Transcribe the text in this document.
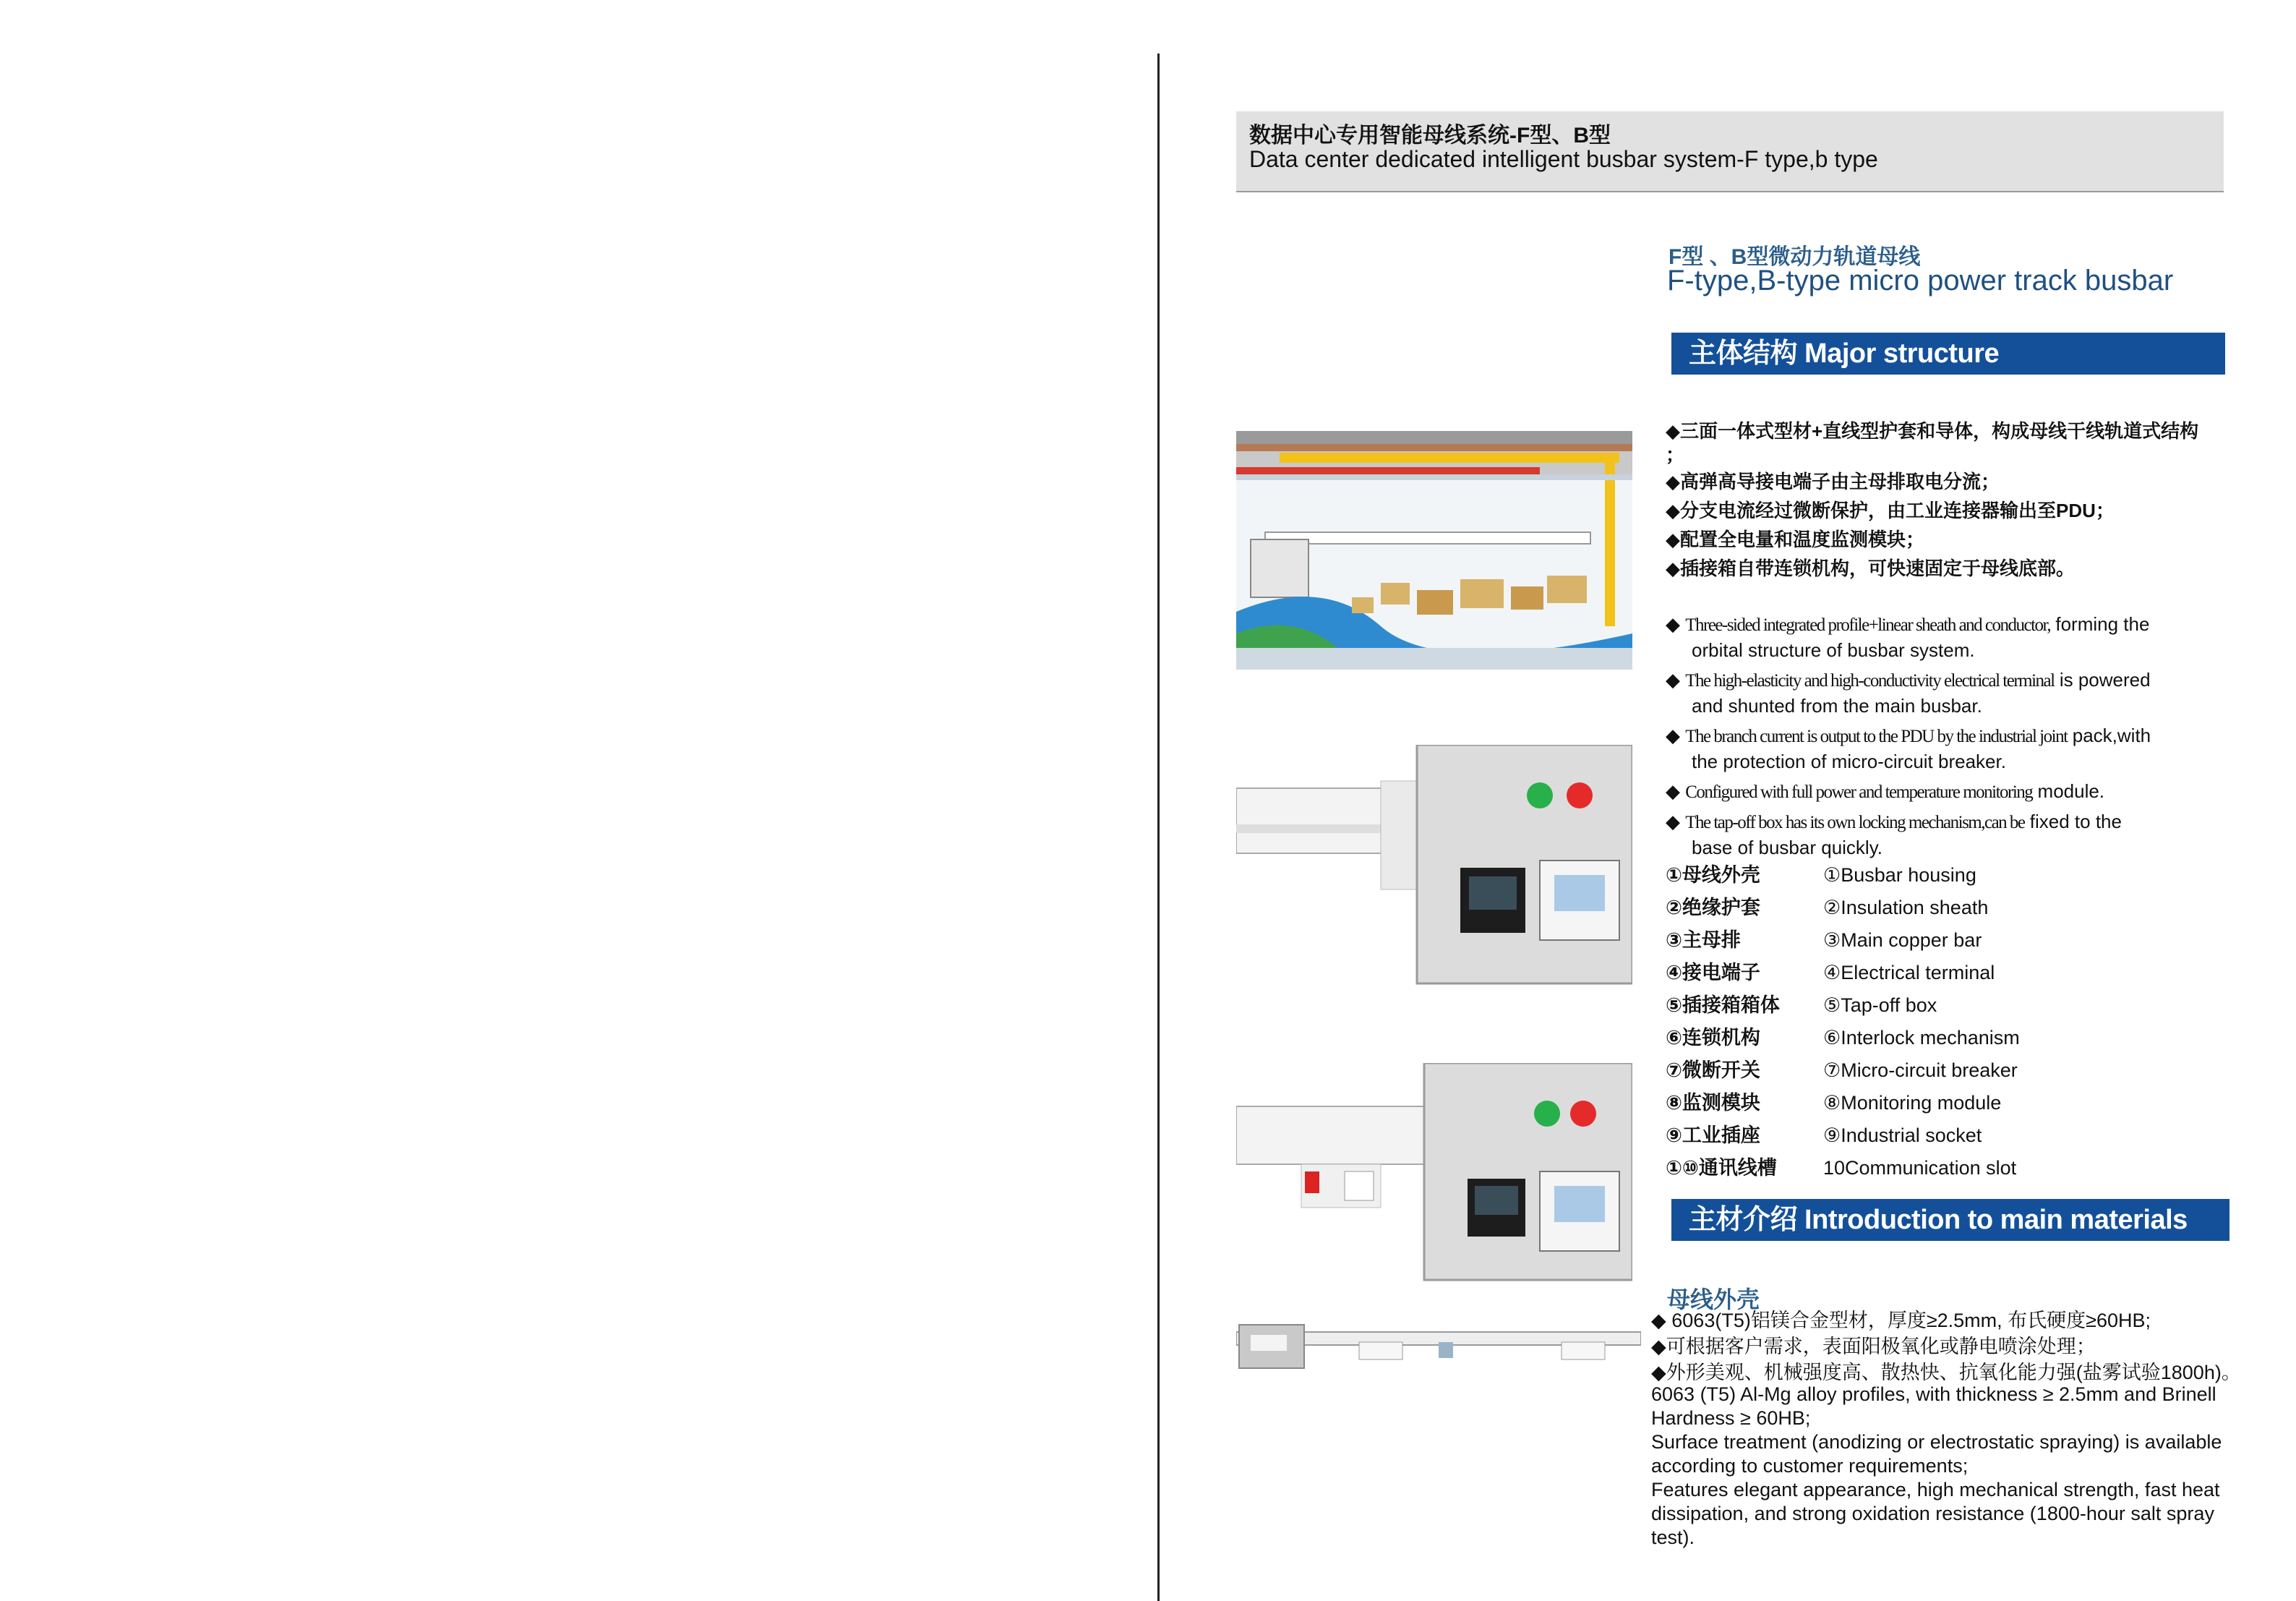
数据中心专用智能母线系统-F型、B型
Data center dedicated intelligent busbar system-F type,b type
F型 、B型微动力轨道母线
F-type,B-type micro power track busbar
主体结构 Major structure
◆三面一体式型材+直线型护套和导体，构成母线干线轨道式结构
；
◆高弹高导接电端子由主母排取电分流；
◆分支电流经过微断保护，由工业连接器输出至PDU；
◆配置全电量和温度监测模块；
◆插接箱自带连锁机构，可快速固定于母线底部。
◆ Three-sided integrated profile+linear sheath and conductor, forming the
orbital structure of busbar system.
◆ The high-elasticity and high-conductivity electrical terminal is powered
and shunted from the main busbar.
◆ The branch current is output to the PDU by the industrial joint pack,with
the protection of micro-circuit breaker.
◆ Configured with full power and temperature monitoring module.
◆ The tap-off box has its own locking mechanism,can be fixed to the
base of busbar quickly.
①母线外壳	①Busbar housing
②绝缘护套	②Insulation sheath
③主母排	③Main copper bar
④接电端子	④Electrical terminal
⑤插接箱箱体 ⑤Tap-off box
⑥连锁机构	⑥Interlock mechanism
⑦微断开关	⑦Micro-circuit breaker
⑧监测模块	⑧Monitoring module
⑨工业插座	⑨Industrial socket
①⑩通讯线槽 10Communication slot
主材介绍 Introduction to main materials
母线外壳
◆ 6063(T5)铝镁合金型材，厚度≥2.5mm, 布氏硬度≥60HB;
◆可根据客户需求，表面阳极氧化或静电喷涂处理；
◆外形美观、机械强度高、散热快、抗氧化能力强(盐雾试验1800h)。

6063 (T5) Al-Mg alloy profiles, with thickness ≥ 2.5mm and Brinell Hardness ≥ 60HB;

Surface treatment (anodizing or electrostatic spraying) is available according to customer requirements;

Features elegant appearance, high mechanical strength, fast heat dissipation, and strong oxidation resistance (1800-hour salt spray test).
